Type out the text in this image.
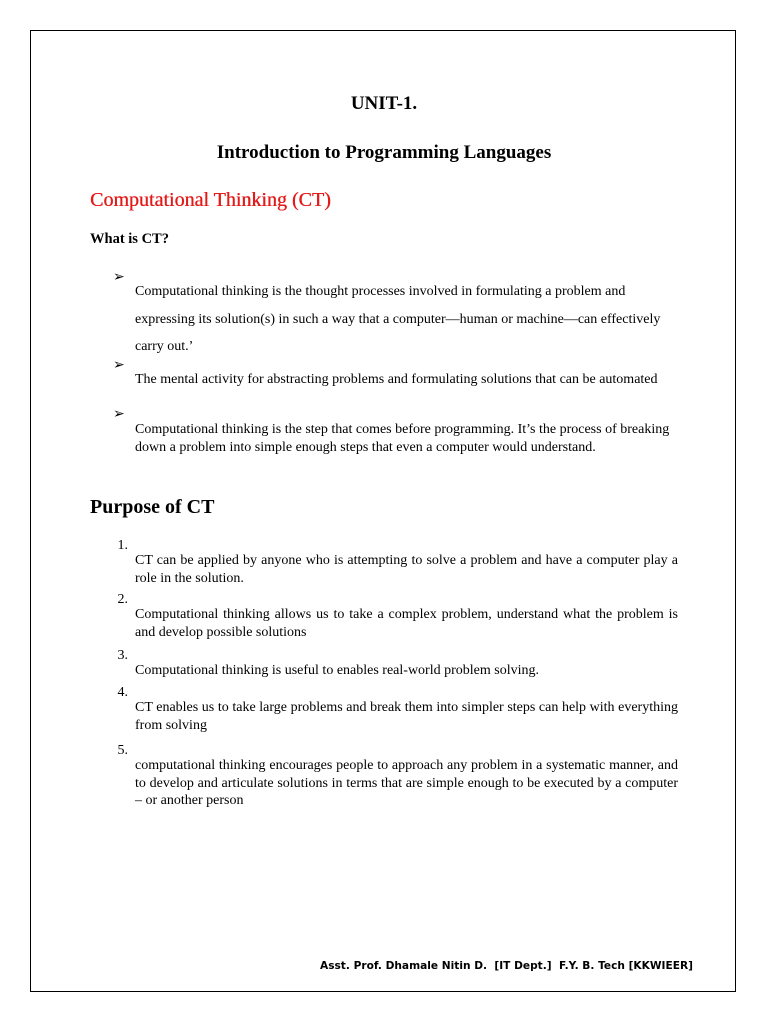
UNIT-1.
Introduction to Programming Languages
Computational Thinking (CT)
What is CT?
➢

Computational thinking is the thought processes involved in formulating a problem and expressing its solution(s) in such a way that a computer—human or machine—can effectively carry out.’

➢

The mental activity for abstracting problems and formulating solutions that can be automated

➢

Computational thinking is the step that comes before programming. It’s the process of breaking down a problem into simple enough steps that even a computer would understand.

Purpose of CT
1.

CT can be applied by anyone who is attempting to solve a problem and have a computer play a role in the solution.

2.

Computational thinking allows us to take a complex problem, understand what the problem is and develop possible solutions

3.

Computational thinking is useful to enables real-world problem solving.

4.

CT enables us to take large problems and break them into simpler steps can help with everything from solving

5.

computational thinking encourages people to approach any problem in a systematic manner, and to develop and articulate solutions in terms that are simple enough to be executed by a computer – or another person

Asst. Prof. Dhamale Nitin D.  [IT Dept.]  F.Y. B. Tech [KKWIEER]
